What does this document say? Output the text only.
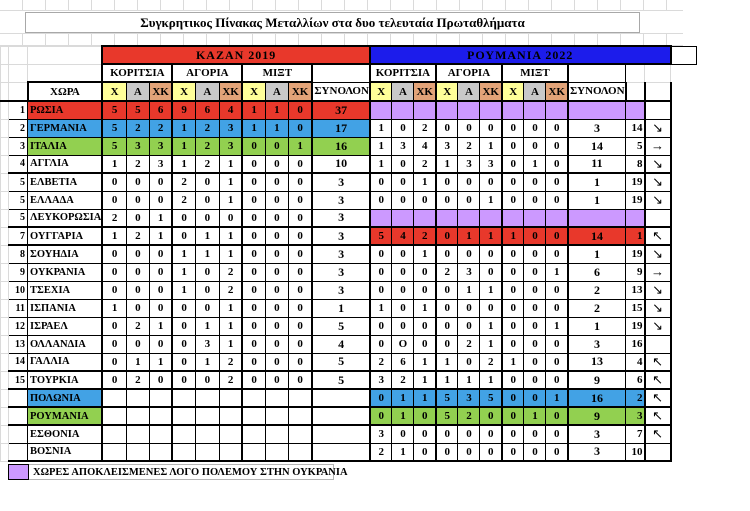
Συγκρητικος Πίνακας Μεταλλίων στα δυο τελευταία Πρωταθλήματα
			ΚΑΖΑΝ 2019										ΡΟΥΜΑΝΙΑ 2022												
			ΚΟΡΙΤΣΙΑ			ΑΓΟΡΙΑ			ΜΙΞΤ				ΚΟΡΙΤΣΙΑ			ΑΓΟΡΙΑ			ΜΙΞΤ						
		ΧΩΡΑ	Χ	Α	ΧΚ	Χ	Α	ΧΚ	Χ	Α	ΧΚ	ΣΥΝΟΛΟΝ	Χ	Α	ΧΚ	Χ	Α	ΧΚ	Χ	Α	ΧΚ	ΣΥΝΟΛΟΝ			
	1	ΡΩΣΙΑ	5	5	6	9	6	4	1	1	0	37													
	2	ΓΕΡΜΑΝΙΑ	5	2	2	1	2	3	1	1	0	17	1	0	2	0	0	0	0	0	0	3	14	↘	
	3	ΙΤΑΛΙΑ	5	3	3	1	2	3	0	0	1	16	1	3	4	3	2	1	0	0	0	14	5	→	
	4	ΑΓΓΛΙΑ	1	2	3	1	2	1	0	0	0	10	1	0	2	1	3	3	0	1	0	11	8	↘	
	5	ΕΛΒΕΤΙΑ	0	0	0	2	0	1	0	0	0	3	0	0	1	0	0	0	0	0	0	1	19	↘	
	5	ΕΛΛΑΔΑ	0	0	0	2	0	1	0	0	0	3	0	0	0	0	0	1	0	0	0	1	19	↘	
	5	ΛΕΥΚΟΡΩΣΙΑ	2	0	1	0	0	0	0	0	0	3													
	7	ΟΥΓΓΑΡΙΑ	1	2	1	0	1	1	0	0	0	3	5	4	2	0	1	1	1	0	0	14	1	↖	
	8	ΣΟΥΗΔΙΑ	0	0	0	1	1	1	0	0	0	3	0	0	1	0	0	0	0	0	0	1	19	↘	
	9	ΟΥΚΡΑΝΙΑ	0	0	0	1	0	2	0	0	0	3	0	0	0	2	3	0	0	0	1	6	9	→	
	10	ΤΣΕΧΙΑ	0	0	0	1	0	2	0	0	0	3	0	0	0	0	1	1	0	0	0	2	13	↘	
	11	ΙΣΠΑΝΙΑ	1	0	0	0	0	1	0	0	0	1	1	0	1	0	0	0	0	0	0	2	15	↘	
	12	ΙΣΡΑΕΛ	0	2	1	0	1	1	0	0	0	5	0	0	0	0	0	1	0	0	1	1	19	↘	
	13	ΟΛΛΑΝΔΙΑ	0	0	0	0	3	1	0	0	0	4	0	O	0	0	2	1	0	0	0	3	16		
	14	ΓΑΛΛΙΑ	0	1	1	0	1	2	0	0	0	5	2	6	1	1	0	2	1	0	0	13	4	↖	
	15	ΤΟΥΡΚΙΑ	0	2	0	0	0	2	0	0	0	5	3	2	1	1	1	1	0	0	0	9	6	↖	
		ΠΟΛΩΝΙΑ											0	1	1	5	3	5	0	0	1	16	2	↖	
		ΡΟΥΜΑΝΙΑ											0	1	0	5	2	0	0	1	0	9	3	↖	
		ΕΣΘΟΝΙΑ											3	0	0	0	0	0	0	0	0	3	7	↖	
		ΒΟΣΝΙΑ											2	1	0	0	0	0	0	0	0	3	10		
ΧΩΡΕΣ ΑΠΟΚΛΕΙΣΜΕΝΕΣ ΛΟΓΟ ΠΟΛΕΜΟΥ ΣΤΗΝ ΟΥΚΡΑΝΙΑ
